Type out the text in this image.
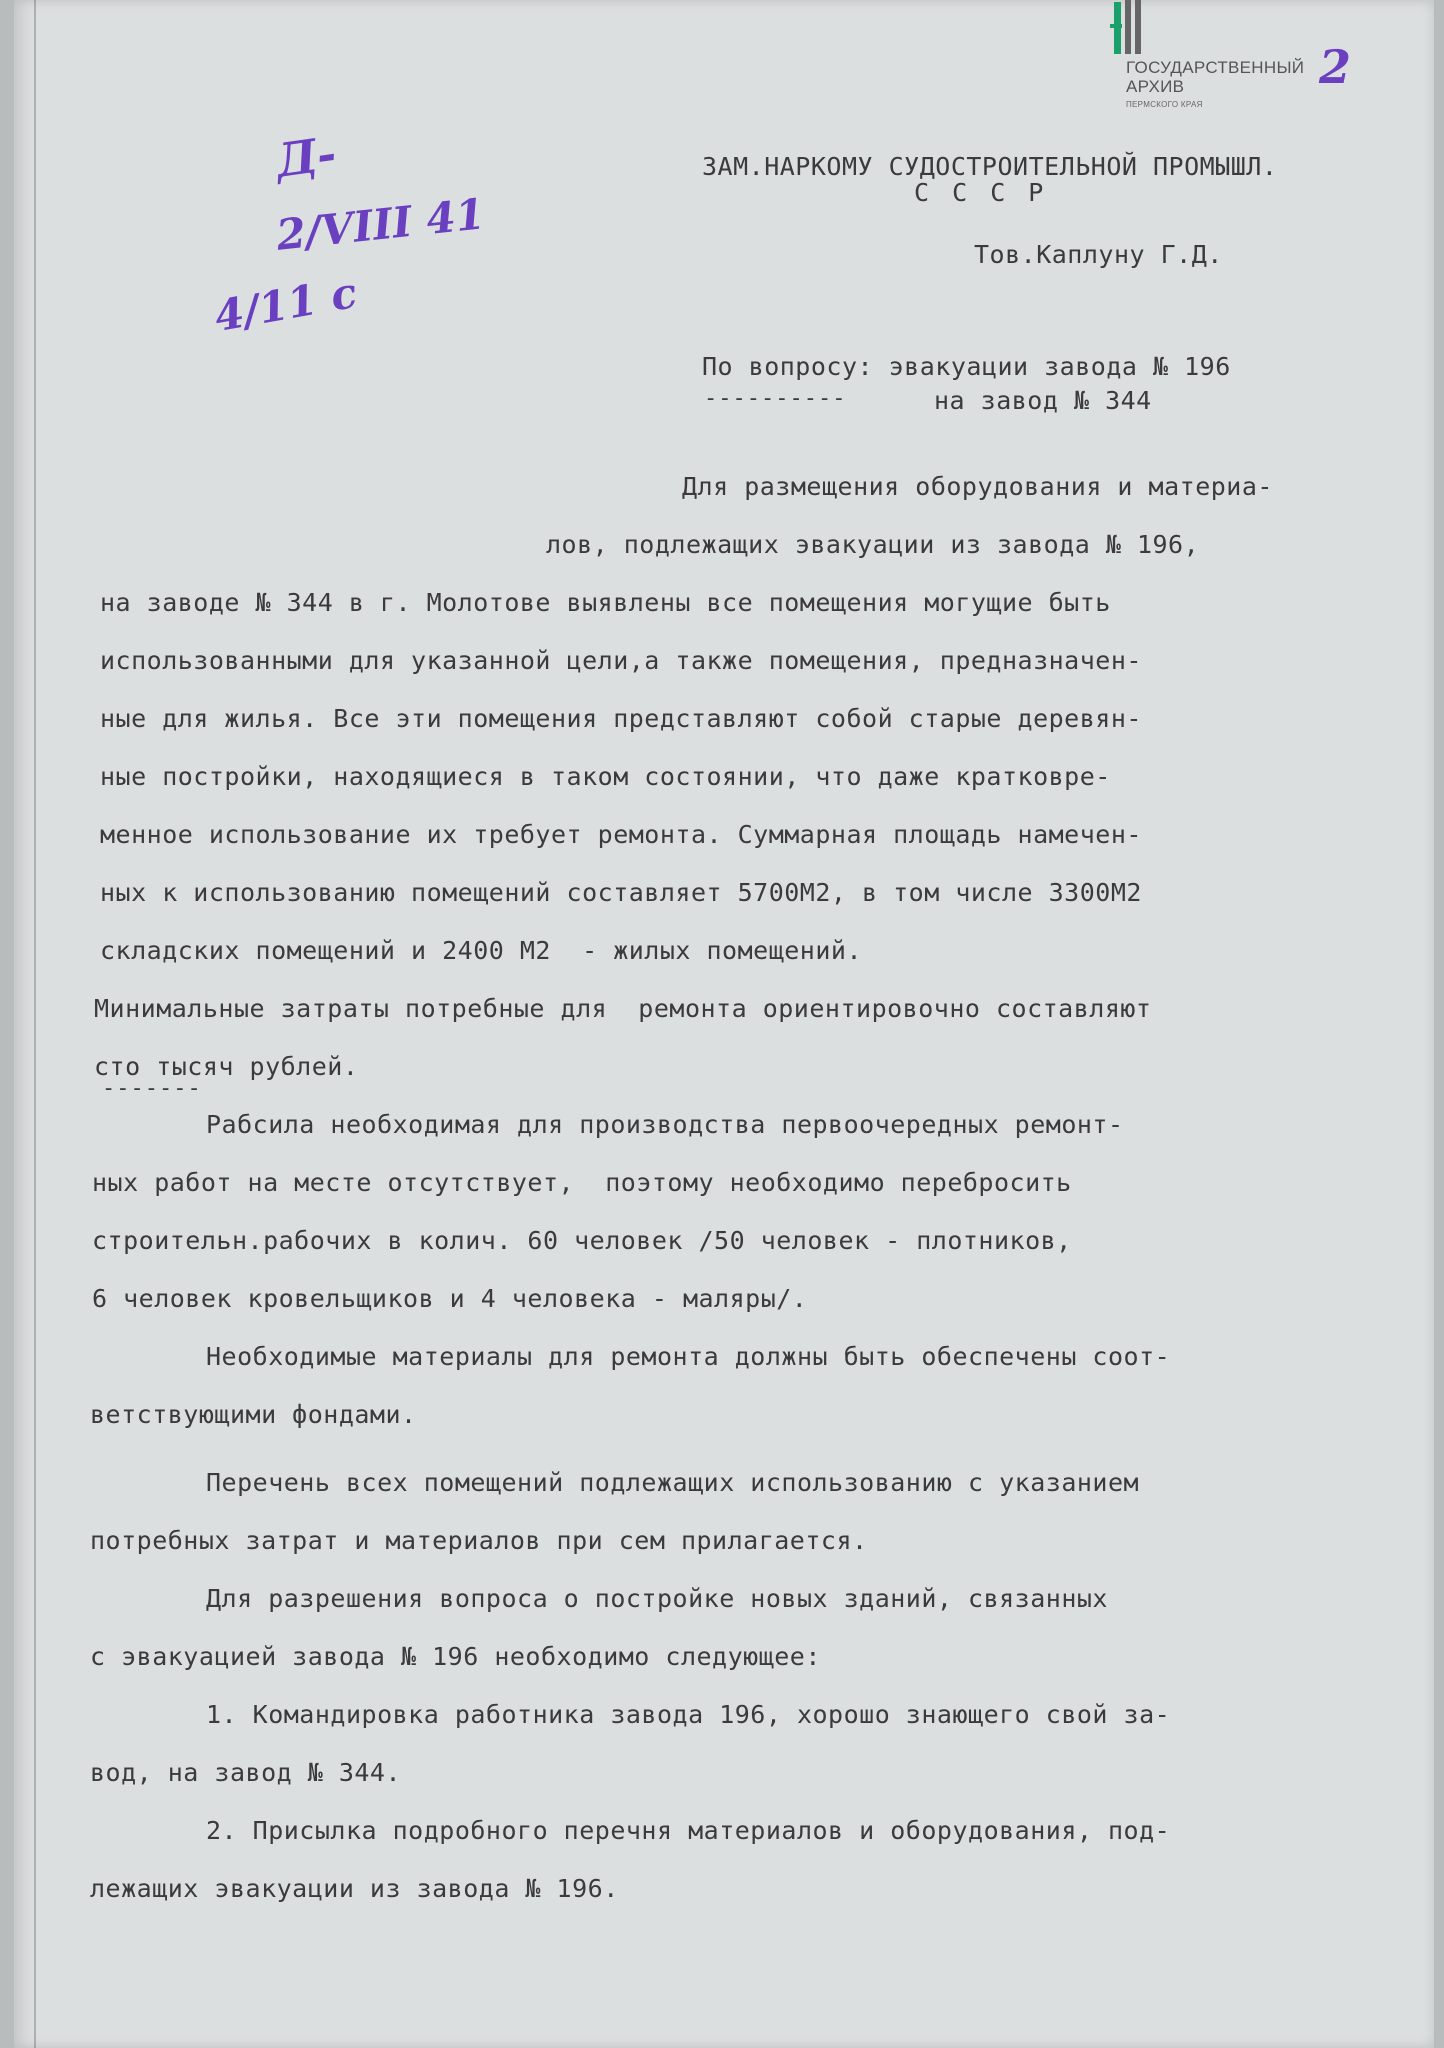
ГОСУДАРСТВЕННЫЙ
АРХИВ
ПЕРМСКОГО КРАЯ
2
Д-
2/VIII 41
4/11 с
ЗАМ.НАРКОМУ СУДОСТРОИТЕЛЬНОЙ ПРОМЫШЛ.
С С С Р
Тов.Каплуну Г.Д.
По вопросу: эвакуации завода № 196
----------	на завод № 344
Для размещения оборудования и материа-
лов, подлежащих эвакуации из завода № 196,
на заводе № 344 в г. Молотове выявлены все помещения могущие быть
использованными для указанной цели,а также помещения, предназначен-
ные для жилья. Все эти помещения представляют собой старые деревян-
ные постройки, находящиеся в таком состоянии, что даже кратковре-
менное использование их требует ремонта. Суммарная площадь намечен-
ных к использованию помещений составляет 5700М2, в том числе 3300М2
складских помещений и 2400 М2  - жилых помещений.
Минимальные затраты потребные для  ремонта ориентировочно составляют
сто тысяч рублей.
-------
Рабсила необходимая для производства первоочередных ремонт-
ных работ на месте отсутствует,  поэтому необходимо перебросить
строительн.рабочих в колич. 60 человек /50 человек - плотников,
6 человек кровельщиков и 4 человека - маляры/.
Необходимые материалы для ремонта должны быть обеспечены соот-
ветствующими фондами.
Перечень всех помещений подлежащих использованию с указанием
потребных затрат и материалов при сем прилагается.
Для разрешения вопроса о постройке новых зданий, связанных
с эвакуацией завода № 196 необходимо следующее:
1. Командировка работника завода 196, хорошо знающего свой за-
вод, на завод № 344.
2. Присылка подробного перечня материалов и оборудования, под-
лежащих эвакуации из завода № 196.
